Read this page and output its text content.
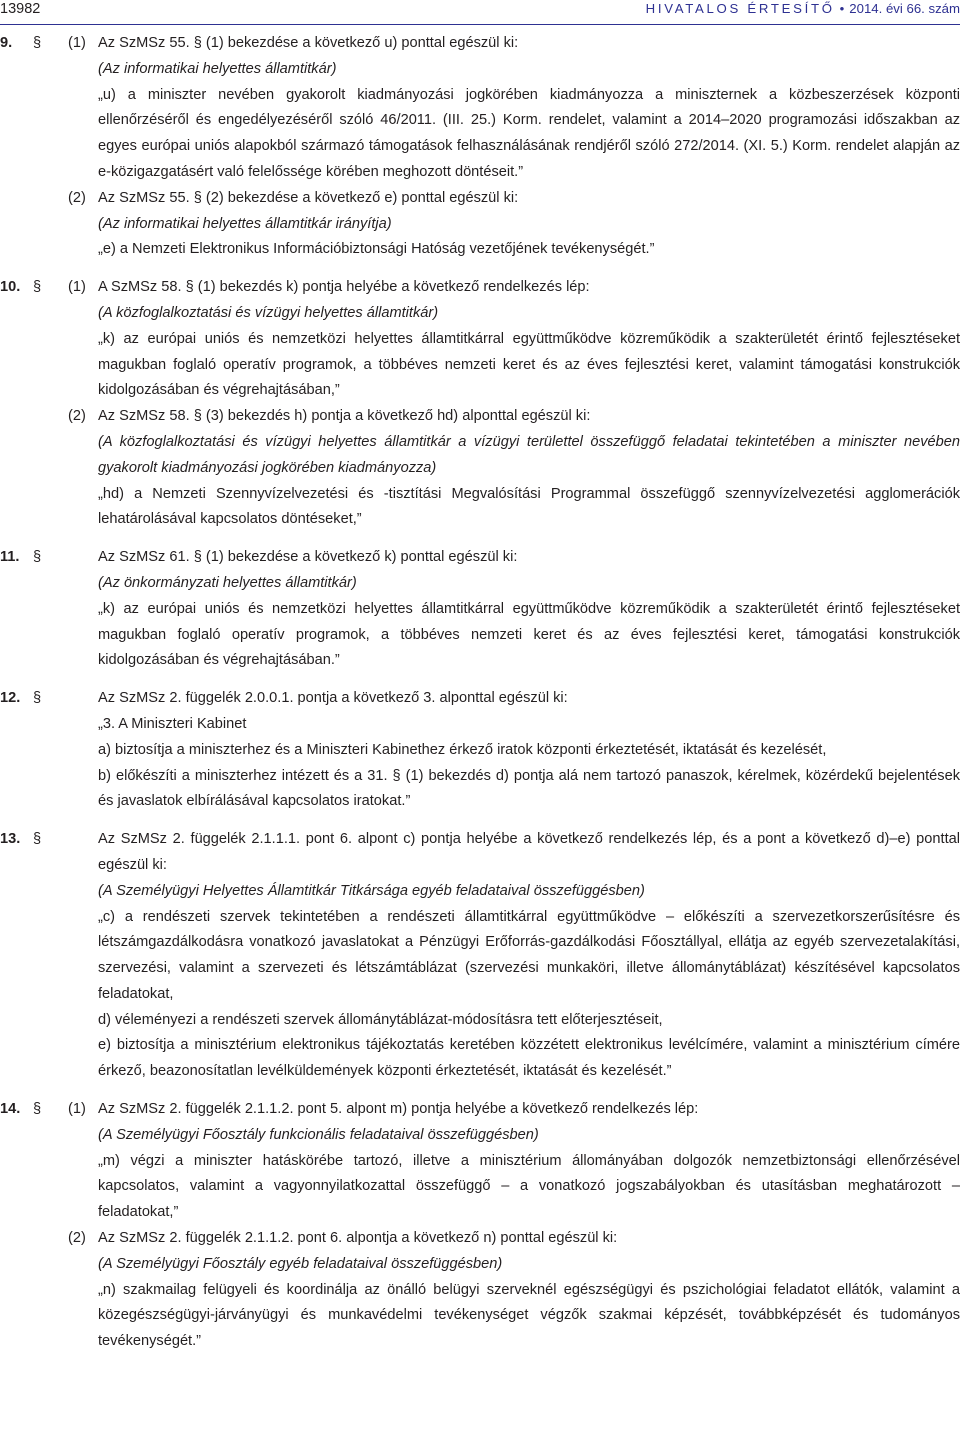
13982	HIVATALOS ÉRTESÍTŐ • 2014. évi 66. szám
9.	§ (1) Az SzMSz 55. § (1) bekezdése a következő u) ponttal egészül ki:
(Az informatikai helyettes államtitkár)
„u) a miniszter nevében gyakorolt kiadmányozási jogkörében kiadmányozza a miniszternek a közbeszerzések központi ellenőrzéséről és engedélyezéséről szóló 46/2011. (III. 25.) Korm. rendelet, valamint a 2014–2020 programozási időszakban az egyes európai uniós alapokból származó támogatások felhasználásának rendjéről szóló 272/2014. (XI. 5.) Korm. rendelet alapján az e-közigazgatásért való felelőssége körében meghozott döntéseit.”
(2) Az SzMSz 55. § (2) bekezdése a következő e) ponttal egészül ki:
(Az informatikai helyettes államtitkár irányítja)
„e) a Nemzeti Elektronikus Információbiztonsági Hatóság vezetőjének tevékenységét.”
10. § (1) A SzMSz 58. § (1) bekezdés k) pontja helyébe a következő rendelkezés lép:
(A közfoglalkoztatási és vízügyi helyettes államtitkár)
„k) az európai uniós és nemzetközi helyettes államtitkárral együttműködve közreműködik a szakterületét érintő fejlesztéseket magukban foglaló operatív programok, a többéves nemzeti keret és az éves fejlesztési keret, valamint támogatási konstrukciók kidolgozásában és végrehajtásában,”
(2) Az SzMSz 58. § (3) bekezdés h) pontja a következő hd) alponttal egészül ki:
(A közfoglalkoztatási és vízügyi helyettes államtitkár a vízügyi területtel összefüggő feladatai tekintetében a miniszter nevében gyakorolt kiadmányozási jogkörében kiadmányozza)
„hd) a Nemzeti Szennyvízelvezetési és -tisztítási Megvalósítási Programmal összefüggő szennyvízelvezetési agglomerációk lehatárolásával kapcsolatos döntéseket,”
11. §	Az SzMSz 61. § (1) bekezdése a következő k) ponttal egészül ki:
(Az önkormányzati helyettes államtitkár)
„k) az európai uniós és nemzetközi helyettes államtitkárral együttműködve közreműködik a szakterületét érintő fejlesztéseket magukban foglaló operatív programok, a többéves nemzeti keret és az éves fejlesztési keret, támogatási konstrukciók kidolgozásában és végrehajtásában.”
12. §	Az SzMSz 2. függelék 2.0.0.1. pontja a következő 3. alponttal egészül ki:
„3. A Miniszteri Kabinet
a) biztosítja a miniszterhez és a Miniszteri Kabinethez érkező iratok központi érkeztetését, iktatását és kezelését,
b) előkészíti a miniszterhez intézett és a 31. § (1) bekezdés d) pontja alá nem tartozó panaszok, kérelmek, közérdekű bejelentések és javaslatok elbírálásával kapcsolatos iratokat.”
13. §	Az SzMSz 2. függelék 2.1.1.1. pont 6. alpont c) pontja helyébe a következő rendelkezés lép, és a pont a következő d)–e) ponttal egészül ki:
(A Személyügyi Helyettes Államtitkár Titkársága egyéb feladataival összefüggésben)
„c) a rendészeti szervek tekintetében a rendészeti államtitkárral együttműködve – előkészíti a szervezetkorszerűsítésre és létszámgazdálkodásra vonatkozó javaslatokat a Pénzügyi Erőforrás-gazdálkodási Főosztállyal, ellátja az egyéb szervezetalakítási, szervezési, valamint a szervezeti és létszámtáblázat (szervezési munkaköri, illetve állománytáblázat) készítésével kapcsolatos feladatokat,
d) véleményezi a rendészeti szervek állománytáblázat-módosításra tett előterjesztéseit,
e) biztosítja a minisztérium elektronikus tájékoztatás keretében közzétett elektronikus levélcímére, valamint a minisztérium címére érkező, beazonosítatlan levélküldemények központi érkeztetését, iktatását és kezelését.”
14. § (1) Az SzMSz 2. függelék 2.1.1.2. pont 5. alpont m) pontja helyébe a következő rendelkezés lép:
(A Személyügyi Főosztály funkcionális feladataival összefüggésben)
„m) végzi a miniszter hatáskörébe tartozó, illetve a minisztérium állományában dolgozók nemzetbiztonsági ellenőrzésével kapcsolatos, valamint a vagyonnyilatkozattal összefüggő – a vonatkozó jogszabályokban és utasításban meghatározott – feladatokat,”
(2) Az SzMSz 2. függelék 2.1.1.2. pont 6. alpontja a következő n) ponttal egészül ki:
(A Személyügyi Főosztály egyéb feladataival összefüggésben)
„n) szakmailag felügyeli és koordinálja az önálló belügyi szerveknél egészségügyi és pszichológiai feladatot ellátók, valamint a közegészségügyi-járványügyi és munkavédelmi tevékenységet végzők szakmai képzését, továbbképzését és tudományos tevékenységét.”
